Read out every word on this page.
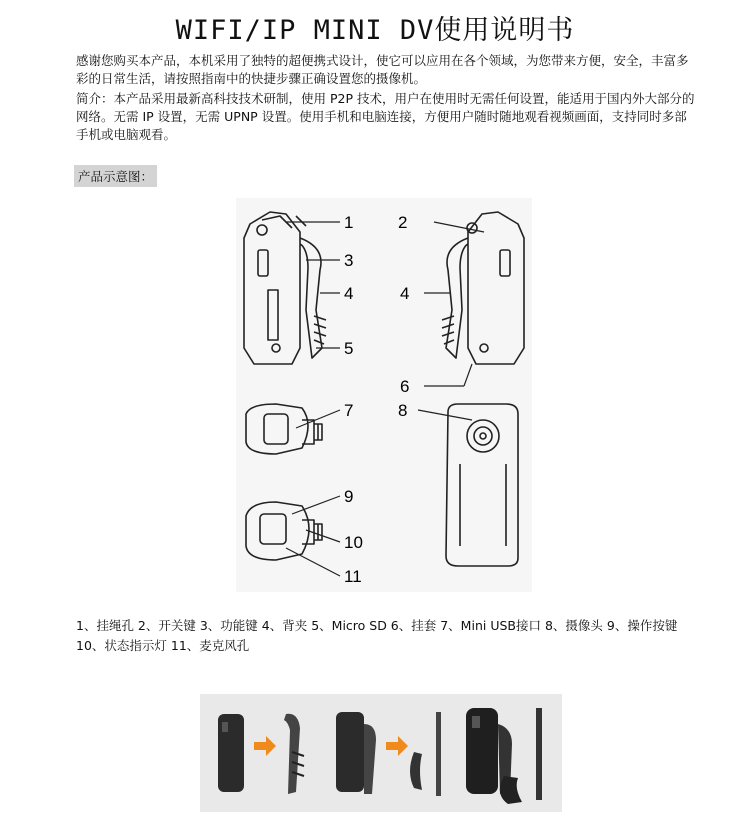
WIFI/IP MINI DV使用说明书

感谢您购买本产品，本机采用了独特的超便携式设计，使它可以应用在各个领域，为您带来方便，安全，丰富多彩的日常生活，请按照指南中的快捷步骤正确设置您的摄像机。

简介：本产品采用最新高科技技术研制，使用 P2P 技术，用户在使用时无需任何设置，能适用于国内外大部分的网络。无需 IP 设置，无需 UPNP 设置。使用手机和电脑连接，方便用户随时随地观看视频画面，支持同时多部手机或电脑观看。

产品示意图：
1	2
3
4	4
5
6
7	8
9
10
11

1、挂绳孔 2、开关键 3、功能键 4、背夹 5、Micro SD 6、挂套 7、Mini USB接口 8、摄像头 9、操作按键 10、状态指示灯 11、麦克风孔
